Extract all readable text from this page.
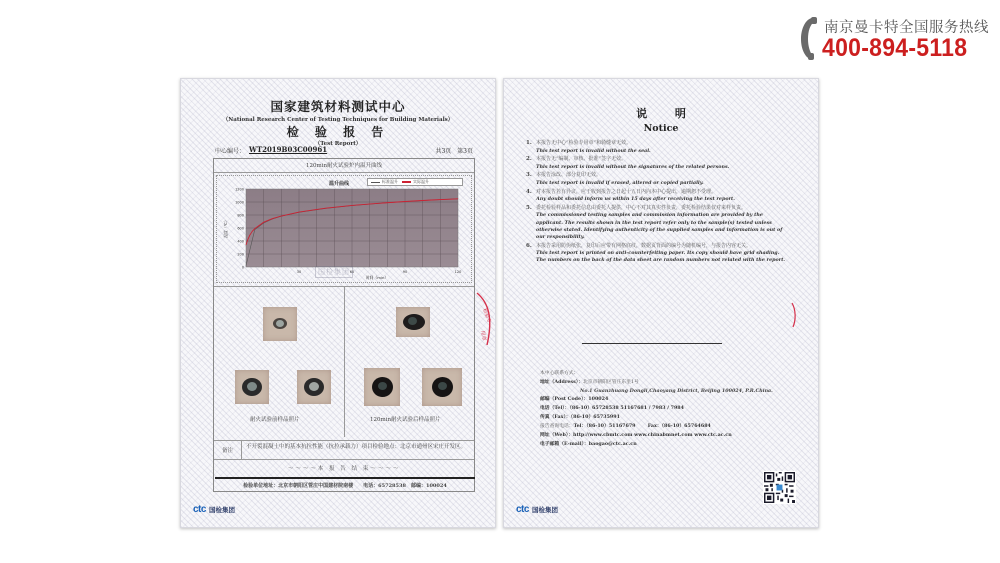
南京曼卡特全国服务热线
400-894-5118
国家建筑材料测试中心
（National Research Center of Testing Techniques for Building Materials）
检 验 报 告
（Test Report）
中心编号： WT2019B03C00961	共3页 第3页
120min耐火试验炉内温升曲线
1200
1000
800
600
400
200
0
30	60	90	120
时间（min）
温度（℃）
温升曲线	标准温升	实际温升
国检集团
耐火试验前样品照片	120min耐火试验后样品照片
备注
不开裂混凝土中的基本抗拉性能（抗拉承载力）项目检验地点：北京市通州区宋庄开发区。
～～～～本 报 告 结 束～～～～
检验单位地址：北京市朝阳区管庄中国建材院南楼　　电话：65728538　邮编：100024
ctc 国检集团
检验专
用章
说 明
Notice
1. 本报告无中心“检验专用章”和骑缝章无效。
This test report is invalid without the seal.
2. 本报告无“编制、审核、批准”签字无效。
This test report is invalid without the signatures of the related persons.
3. 本报告涂改、部分复印无效。
This test report is invalid if erased, altered or copied partially.
4. 对本报告若有异议，应于收到报告之日起十五日内向本中心提出，逾期恕不受理。
Any doubt should inform us within 15 days after receiving the test report.
5. 委托检验样品和委托信息由委托人提供，中心不对其真实性负责，委托检验结果仅对来样负责。
The commissioned testing samples and commission information are provided by the applicant. The results shown in the test report refer only to the sample(s) tested unless otherwise stated. Identifying authenticity of the supplied samples and information is out of our responsibility.
6. 本报告采用防伪纸张，复印后应带有网格底纹，数据页背面的编号为随机编号，与报告内容无关。
This test report is printed on anti-counterfeiting paper. Its copy should have grid shading. The numbers on the back of the data sheet are random numbers not related with the report.
本中心联系方式：
地址（Address）：北京市朝阳区管庄东里1号
No.1 Guanzhuang Dongli,Chaoyang District, Beijing 100024, P.R.China.
邮编（Post Code）：100024
电话（Tel）：（86-10）65728538 51167681 / 7983 / 7984
传真（Fax）：（86-10）65735991
报告查询电话：Tel：（86-10）51167679	Fax：（86-10）65764684
网址（Web）：http://www.cbmtc.com www.chinabmnet.com www.ctc.ac.cn
电子邮箱（E-mail）：baogao@ctc.ac.cn
ctc 国检集团
